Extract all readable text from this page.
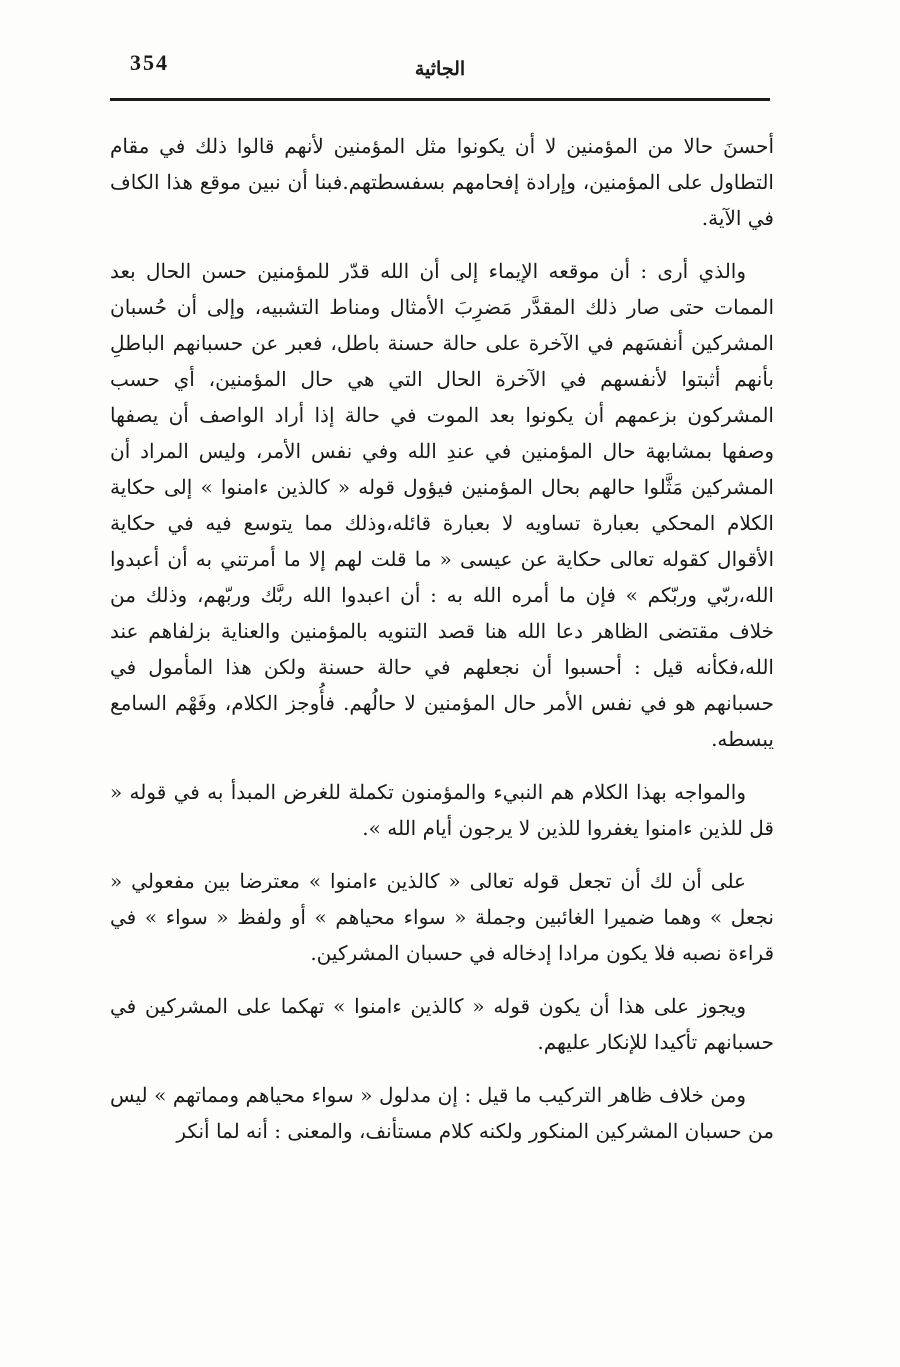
354	الجاثية

أحسنَ حالا من المؤمنين لا أن يكونوا مثل المؤمنين لأنهم قالوا ذلك في مقام التطاول على المؤمنين، وإرادة إفحامهم بسفسطتهم.فبنا أن نبين موقع هذا الكاف في الآية.

والذي أرى : أن موقعه الإيماء إلى أن الله قدّر للمؤمنين حسن الحال بعد الممات حتى صار ذلك المقدَّر مَضرِبَ الأمثال ومناط التشبيه، وإلى أن حُسبان المشركين أنفسَهم في الآخرة على حالة حسنة باطل، فعبر عن حسبانهم الباطلِ بأنهم أثبتوا لأنفسهم في الآخرة الحال التي هي حال المؤمنين، أي حسب المشركون بزعمهم أن يكونوا بعد الموت في حالة إذا أراد الواصف أن يصفها وصفها بمشابهة حال المؤمنين في عندِ الله وفي نفس الأمر، وليس المراد أن المشركين مَثَّلوا حالهم بحال المؤمنين فيؤول قوله « كالذين ءامنوا » إلى حكاية الكلام المحكي بعبارة تساويه لا بعبارة قائله،وذلك مما يتوسع فيه في حكاية الأقوال كقوله تعالى حكاية عن عيسى « ما قلت لهم إلا ما أمرتني به أن أعبدوا الله،ربّي وربّكم » فإن ما أمره الله به : أن اعبدوا الله ربَّك وربّهم، وذلك من خلاف مقتضى الظاهر دعا الله هنا قصد التنويه بالمؤمنين والعناية بزلفاهم عند الله،فكأنه قيل : أحسبوا أن نجعلهم في حالة حسنة ولكن هذا المأمول في حسبانهم هو في نفس الأمر حال المؤمنين لا حالُهم. فأُوجز الكلام، وفَهْم السامع يبسطه.

والمواجه بهذا الكلام هم النبيء والمؤمنون تكملة للغرض المبدأ به في قوله « قل للذين ءامنوا يغفروا للذين لا يرجون أيام الله ».

على أن لك أن تجعل قوله تعالى « كالذين ءامنوا » معترضا بين مفعولي « نجعل » وهما ضميرا الغائبين وجملة « سواء محياهم » أو ولفظ « سواء » في قراءة نصبه فلا يكون مرادا إدخاله في حسبان المشركين.

ويجوز على هذا أن يكون قوله « كالذين ءامنوا » تهكما على المشركين في حسبانهم تأكيدا للإنكار عليهم.

ومن خلاف ظاهر التركيب ما قيل : إن مدلول « سواء محياهم ومماتهم » ليس من حسبان المشركين المنكور ولكنه كلام مستأنف، والمعنى : أنه لما أنكر
